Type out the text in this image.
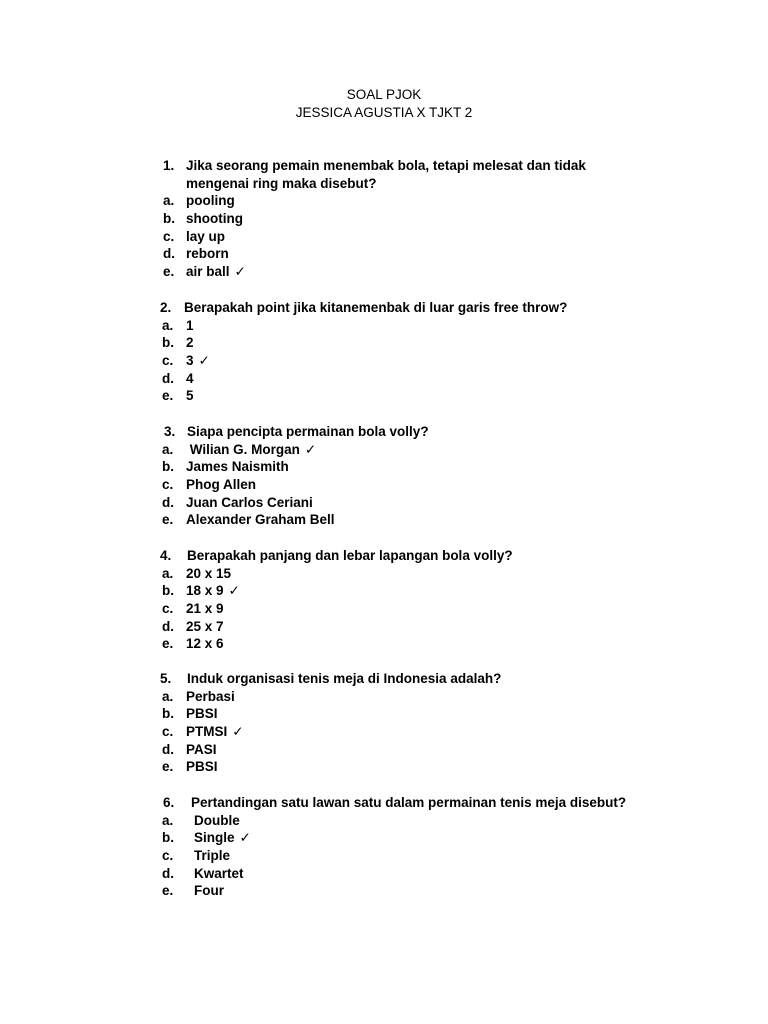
SOAL PJOK
JESSICA AGUSTIA X TJKT 2
1. Jika seorang pemain menembak bola, tetapi melesat dan tidak
mengenai ring maka disebut?
a. pooling
b. shooting
c. lay up
d. reborn
e. air ball ✓
2. Berapakah point jika kitanemenbak di luar garis free throw?
a. 1
b. 2
c. 3 ✓
d. 4
e. 5
3. Siapa pencipta permainan bola volly?
a. Wilian G. Morgan ✓
b. James Naismith
c. Phog Allen
d. Juan Carlos Ceriani
e. Alexander Graham Bell
4. Berapakah panjang dan lebar lapangan bola volly?
a. 20 x 15
b. 18 x 9 ✓
c. 21 x 9
d. 25 x 7
e. 12 x 6
5. Induk organisasi tenis meja di Indonesia adalah?
a. Perbasi
b. PBSI
c. PTMSI ✓
d. PASI
e. PBSI
6. Pertandingan satu lawan satu dalam permainan tenis meja disebut?
a. Double
b. Single ✓
c. Triple
d. Kwartet
e. Four
